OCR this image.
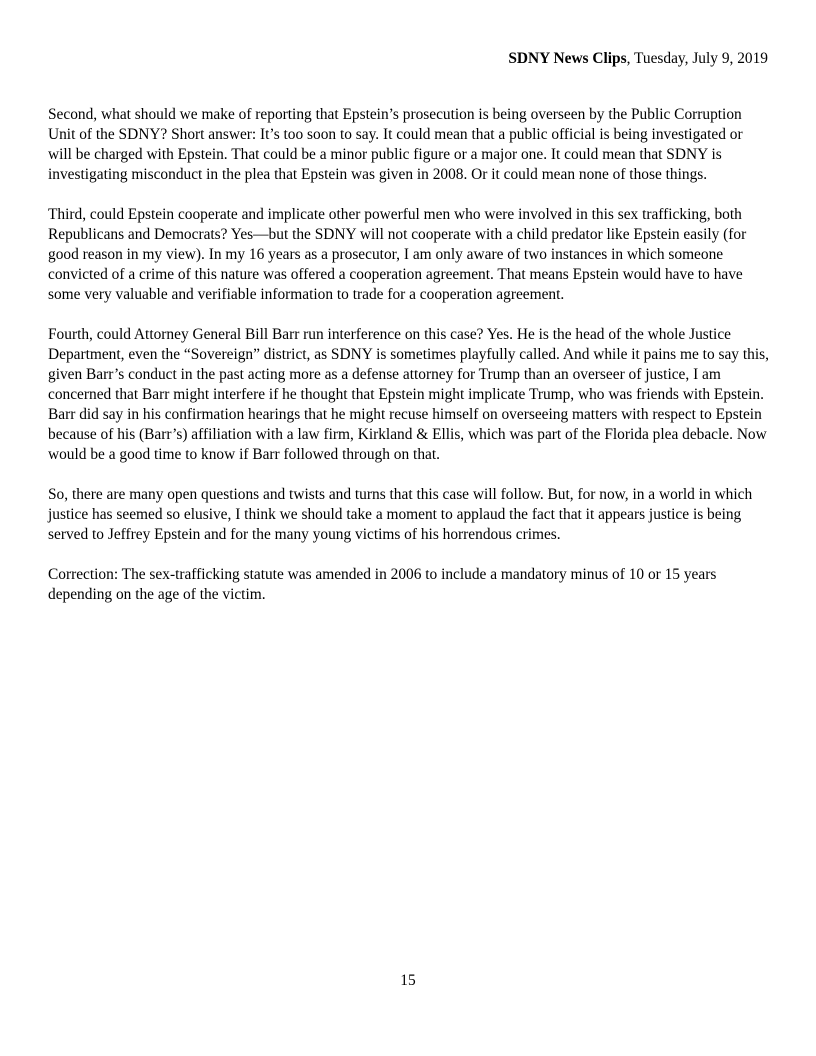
SDNY News Clips, Tuesday, July 9, 2019

Second, what should we make of reporting that Epstein’s prosecution is being overseen by the Public Corruption Unit of the SDNY? Short answer: It’s too soon to say. It could mean that a public official is being investigated or will be charged with Epstein. That could be a minor public figure or a major one. It could mean that SDNY is investigating misconduct in the plea that Epstein was given in 2008. Or it could mean none of those things.

Third, could Epstein cooperate and implicate other powerful men who were involved in this sex trafficking, both Republicans and Democrats? Yes—but the SDNY will not cooperate with a child predator like Epstein easily (for good reason in my view). In my 16 years as a prosecutor, I am only aware of two instances in which someone convicted of a crime of this nature was offered a cooperation agreement. That means Epstein would have to have some very valuable and verifiable information to trade for a cooperation agreement.

Fourth, could Attorney General Bill Barr run interference on this case? Yes. He is the head of the whole Justice Department, even the “Sovereign” district, as SDNY is sometimes playfully called. And while it pains me to say this, given Barr’s conduct in the past acting more as a defense attorney for Trump than an overseer of justice, I am concerned that Barr might interfere if he thought that Epstein might implicate Trump, who was friends with Epstein. Barr did say in his confirmation hearings that he might recuse himself on overseeing matters with respect to Epstein because of his (Barr’s) affiliation with a law firm, Kirkland & Ellis, which was part of the Florida plea debacle. Now would be a good time to know if Barr followed through on that.

So, there are many open questions and twists and turns that this case will follow. But, for now, in a world in which justice has seemed so elusive, I think we should take a moment to applaud the fact that it appears justice is being served to Jeffrey Epstein and for the many young victims of his horrendous crimes.

Correction: The sex-trafficking statute was amended in 2006 to include a mandatory minus of 10 or 15 years depending on the age of the victim.

15
